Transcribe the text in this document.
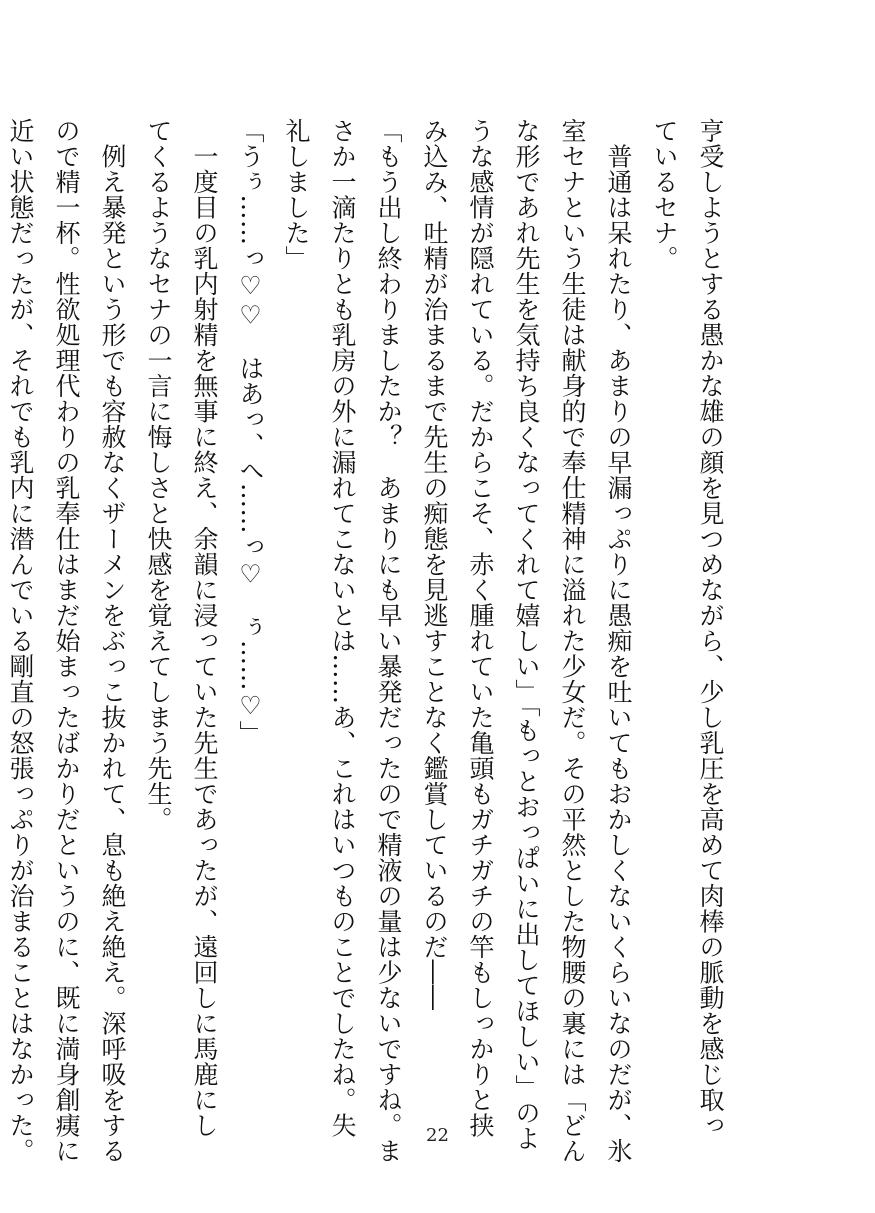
亨受しようとする愚かな雄の顔を見つめながら、少し乳圧を高めて肉棒の脈動を感じ取っ
ているセナ。
　普通は呆れたり、あまりの早漏っぷりに愚痴を吐いてもおかしくないくらいなのだが、氷
室セナという生徒は献身的で奉仕精神に溢れた少女だ。その平然とした物腰の裏には「どん
な形であれ先生を気持ち良くなってくれて嬉しい」「もっとおっぱいに出してほしい」のよ
うな感情が隠れている。だからこそ、赤く腫れていた亀頭もガチガチの竿もしっかりと挟
み込み、吐精が治まるまで先生の痴態を見逃すことなく鑑賞しているのだ――
「もう出し終わりましたか？　あまりにも早い暴発だったので精液の量は少ないですね。ま
さか一滴たりとも乳房の外に漏れてこないとは……あ、これはいつものことでしたね。失
礼しました」
「うぅ……っ♡♡　はあっ、へ……っ♡　ぅ……♡」
　一度目の乳内射精を無事に終え、余韻に浸っていた先生であったが、遠回しに馬鹿にし
てくるようなセナの一言に悔しさと快感を覚えてしまう先生。
　例え暴発という形でも容赦なくザーメンをぶっこ抜かれて、息も絶え絶え。深呼吸をする
ので精一杯。性欲処理代わりの乳奉仕はまだ始まったばかりだというのに、既に満身創痍に
近い状態だったが、それでも乳内に潜んでいる剛直の怒張っぷりが治まることはなかった。	22
